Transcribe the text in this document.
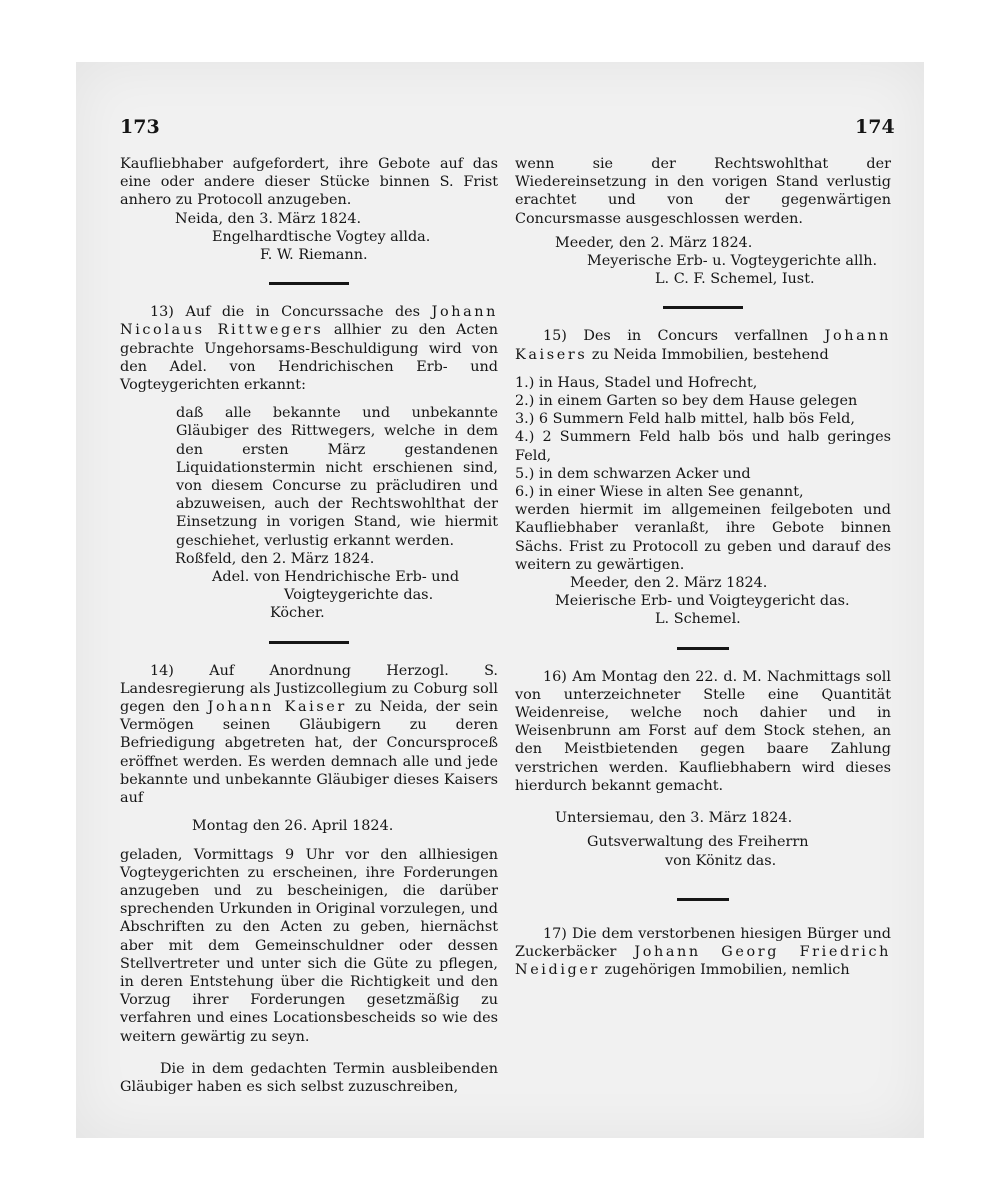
173	174

Kaufliebhaber aufgefordert, ihre Gebote auf das eine oder andere dieser Stücke binnen S. Frist anhero zu Protocoll anzugeben.

Neida, den 3. März 1824.

Engelhardtische Vogtey allda.

F. W. Riemann.

13) Auf die in Concurssache des Johann Nicolaus Rittwegers allhier zu den Acten gebrachte Ungehorsams-Beschuldigung wird von den Adel. von Hendrichischen Erb- und Vogteygerichten erkannt:

daß alle bekannte und unbekannte Gläubiger des Rittwegers, welche in dem den ersten März gestandenen Liquidationstermin nicht erschienen sind, von diesem Concurse zu präcludiren und abzuweisen, auch der Rechtswohlthat der Einsetzung in vorigen Stand, wie hiermit geschiehet, verlustig erkannt werden.

Roßfeld, den 2. März 1824.

Adel. von Hendrichische Erb- und

Voigteygerichte das.

Köcher.

14) Auf Anordnung Herzogl. S. Landesregierung als Justizcollegium zu Coburg soll gegen den Johann Kaiser zu Neida, der sein Vermögen seinen Gläubigern zu deren Befriedigung abgetreten hat, der Concursproceß eröffnet werden. Es werden demnach alle und jede bekannte und unbekannte Gläubiger dieses Kaisers auf

Montag den 26. April 1824.

geladen, Vormittags 9 Uhr vor den allhiesigen Vogteygerichten zu erscheinen, ihre Forderungen anzugeben und zu bescheinigen, die darüber sprechenden Urkunden in Original vorzulegen, und Abschriften zu den Acten zu geben, hiernächst aber mit dem Gemeinschuldner oder dessen Stellvertreter und unter sich die Güte zu pflegen, in deren Entstehung über die Richtigkeit und den Vorzug ihrer Forderungen gesetzmäßig zu verfahren und eines Locationsbescheids so wie des weitern gewärtig zu seyn.

Die in dem gedachten Termin ausbleibenden Gläubiger haben es sich selbst zuzuschreiben,

wenn sie der Rechtswohlthat der Wiedereinsetzung in den vorigen Stand verlustig erachtet und von der gegenwärtigen Concursmasse ausgeschlossen werden.

Meeder, den 2. März 1824.

Meyerische Erb- u. Vogteygerichte allh.

L. C. F. Schemel, Iust.

15) Des in Concurs verfallnen Johann Kaisers zu Neida Immobilien, bestehend

1.) in Haus, Stadel und Hofrecht,

2.) in einem Garten so bey dem Hause gelegen

3.) 6 Summern Feld halb mittel, halb bös Feld,

4.) 2 Summern Feld halb bös und halb geringes Feld,

5.) in dem schwarzen Acker und

6.) in einer Wiese in alten See genannt,

werden hiermit im allgemeinen feilgeboten und Kaufliebhaber veranlaßt, ihre Gebote binnen Sächs. Frist zu Protocoll zu geben und darauf des weitern zu gewärtigen.

Meeder, den 2. März 1824.

Meierische Erb- und Voigteygericht das.

L. Schemel.

16) Am Montag den 22. d. M. Nachmittags soll von unterzeichneter Stelle eine Quantität Weidenreise, welche noch dahier und in Weisenbrunn am Forst auf dem Stock stehen, an den Meistbietenden gegen baare Zahlung verstrichen werden. Kaufliebhabern wird dieses hierdurch bekannt gemacht.

Untersiemau, den 3. März 1824.

Gutsverwaltung des Freiherrn

von Könitz das.

17) Die dem verstorbenen hiesigen Bürger und Zuckerbäcker Johann Georg Friedrich Neidiger zugehörigen Immobilien, nemlich
